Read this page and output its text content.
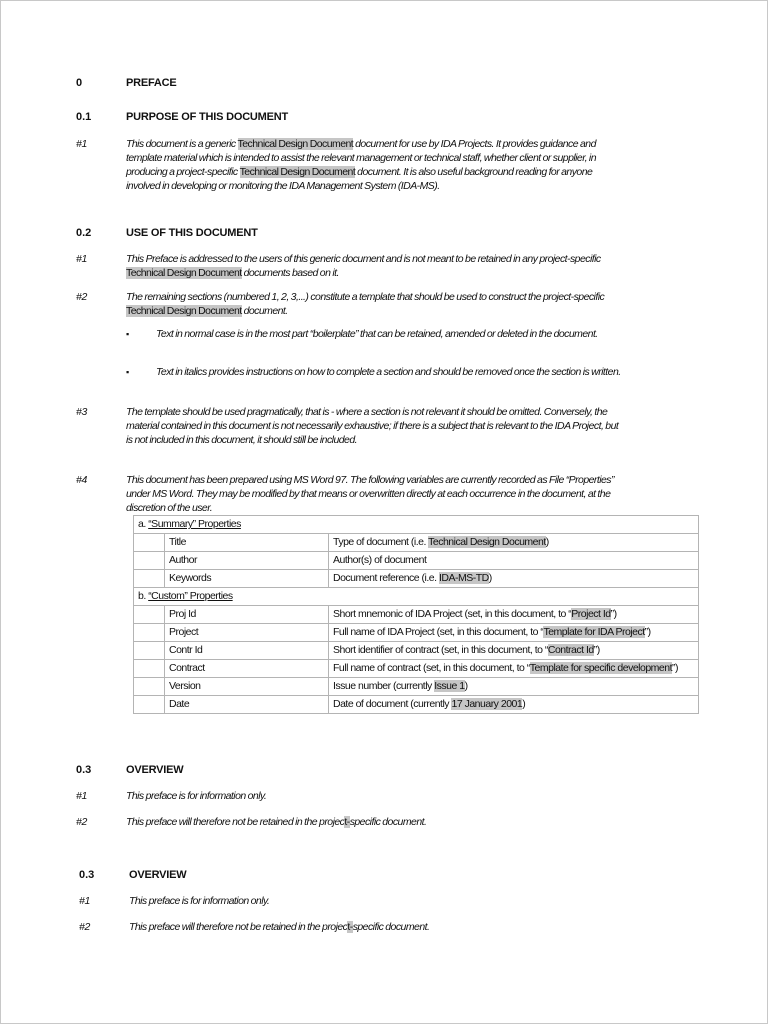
0	PREFACE
0.1	PURPOSE OF THIS DOCUMENT
#1	This document is a generic Technical Design Document document for use by IDA Projects. It provides guidance and template material which is intended to assist the relevant management or technical staff, whether client or supplier, in producing a project-specific Technical Design Document document. It is also useful background reading for anyone involved in developing or monitoring the IDA Management System (IDA-MS).
0.2	USE OF THIS DOCUMENT
#1	This Preface is addressed to the users of this generic document and is not meant to be retained in any project-specific Technical Design Document documents based on it.
#2	The remaining sections (numbered 1, 2, 3,...) constitute a template that should be used to construct the project-specific Technical Design Document document.
▪	Text in normal case is in the most part “boilerplate” that can be retained, amended or deleted in the document.
▪	Text in italics provides instructions on how to complete a section and should be removed once the section is written.
#3	The template should be used pragmatically, that is - where a section is not relevant it should be omitted. Conversely, the material contained in this document is not necessarily exhaustive; if there is a subject that is relevant to the IDA Project, but is not included in this document, it should still be included.
#4	This document has been prepared using MS Word 97. The following variables are currently recorded as File “Properties” under MS Word. They may be modified by that means or overwritten directly at each occurrence in the document, at the discretion of the user.
a. “Summary” Properties		
	Title	Type of document (i.e. Technical Design Document)
	Author	Author(s) of document
	Keywords	Document reference (i.e. IDA-MS-TD)
b. “Custom” Properties		
	Proj Id	Short mnemonic of IDA Project (set, in this document, to “Project Id”)
	Project	Full name of IDA Project (set, in this document, to “Template for IDA Project”)
	Contr Id	Short identifier of contract (set, in this document, to “Contract Id”)
	Contract	Full name of contract (set, in this document, to “Template for specific development”)
	Version	Issue number (currently Issue 1)
	Date	Date of document (currently 17 January 2001)
0.3	OVERVIEW
#1	This preface is for information only.
#2	This preface will therefore not be retained in the project-specific document.
0.3	OVERVIEW
#1	This preface is for information only.
#2	This preface will therefore not be retained in the project-specific document.
